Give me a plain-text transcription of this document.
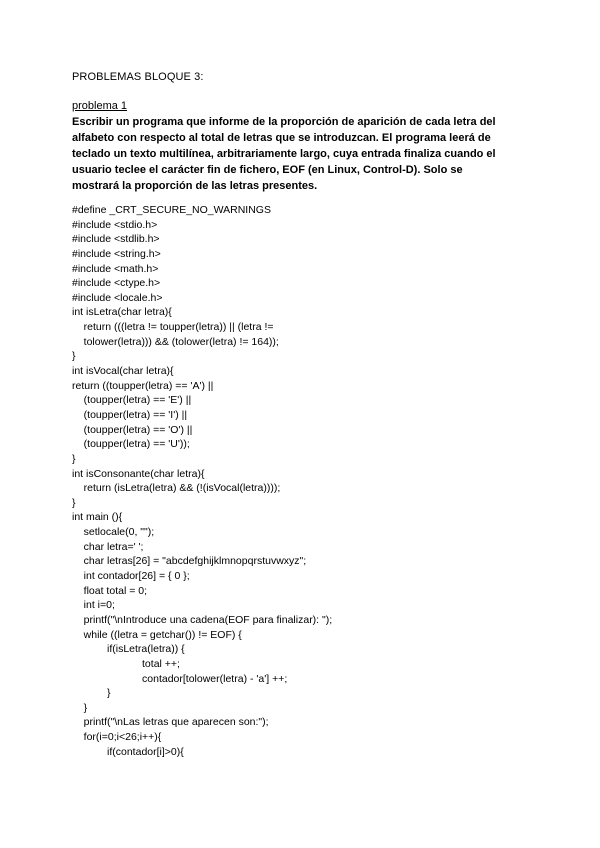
PROBLEMAS BLOQUE 3:
problema 1
Escribir un programa que informe de la proporción de aparición de cada letra del alfabeto con respecto al total de letras que se introduzcan. El programa leerá de teclado un texto multilínea, arbitrariamente largo, cuya entrada finaliza cuando el usuario teclee el carácter fin de fichero, EOF (en Linux, Control-D). Solo se mostrará la proporción de las letras presentes.
#define _CRT_SECURE_NO_WARNINGS
#include <stdio.h>
#include <stdlib.h>
#include <string.h>
#include <math.h>
#include <ctype.h>
#include <locale.h>
int isLetra(char letra){
return (((letra != toupper(letra)) || (letra !=
tolower(letra))) && (tolower(letra) != 164));
}
int isVocal(char letra){
return ((toupper(letra) == 'A') ||
(toupper(letra) == 'E') ||
(toupper(letra) == 'I') ||
(toupper(letra) == 'O') ||
(toupper(letra) == 'U'));
}
int isConsonante(char letra){
return (isLetra(letra) && (!(isVocal(letra))));
}
int main (){
setlocale(0, "");
char letra=' ';
char letras[26] = "abcdefghijklmnopqrstuvwxyz";
int contador[26] = { 0 };
float total = 0;
int i=0;
printf("\nIntroduce una cadena(EOF para finalizar): ");
while ((letra = getchar()) != EOF) {
if(isLetra(letra)) {
total ++;
contador[tolower(letra) - 'a'] ++;
}
}
printf("\nLas letras que aparecen son:");
for(i=0;i<26;i++){
if(contador[i]>0){
